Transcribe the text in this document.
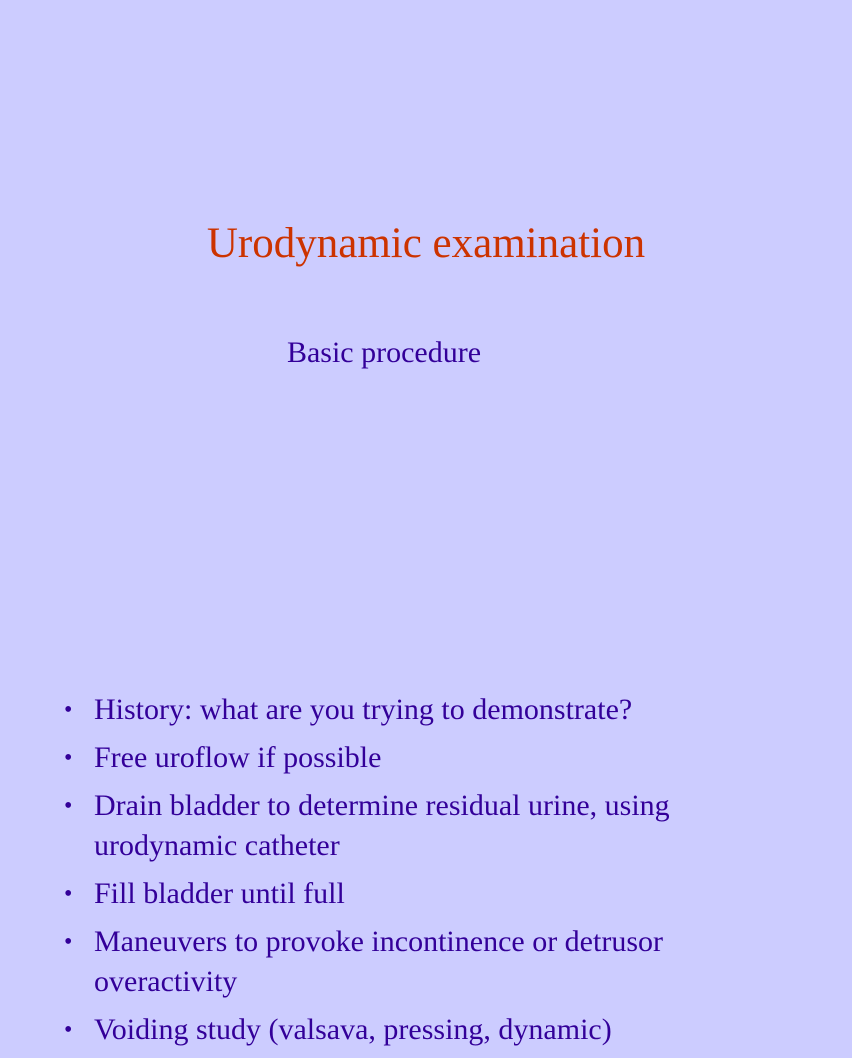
Urodynamic examination
Basic procedure
• History: what are you trying to demonstrate?
• Free uroflow if possible
• Drain bladder to determine residual urine, using urodynamic catheter
• Fill bladder until full
• Maneuvers to provoke incontinence or detrusor overactivity
• Voiding study (valsava, pressing, dynamic)
